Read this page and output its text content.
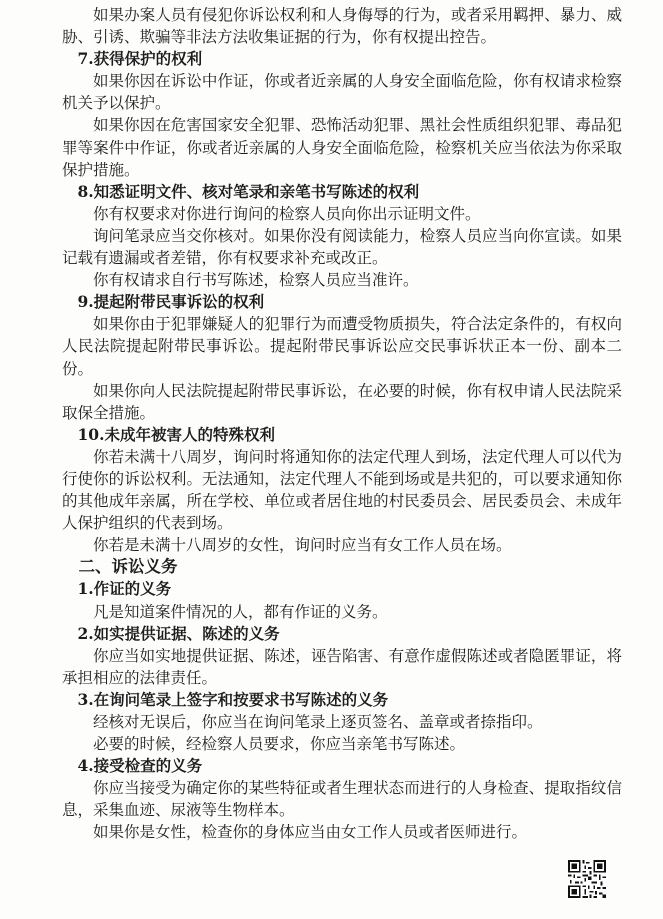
如果办案人员有侵犯你诉讼权利和人身侮辱的行为，或者采用羁押、暴力、威胁、引诱、欺骗等非法方法收集证据的行为，你有权提出控告。

7.获得保护的权利

如果你因在诉讼中作证，你或者近亲属的人身安全面临危险，你有权请求检察机关予以保护。

如果你因在危害国家安全犯罪、恐怖活动犯罪、黑社会性质组织犯罪、毒品犯罪等案件中作证，你或者近亲属的人身安全面临危险，检察机关应当依法为你采取保护措施。

8.知悉证明文件、核对笔录和亲笔书写陈述的权利

你有权要求对你进行询问的检察人员向你出示证明文件。

询问笔录应当交你核对。如果你没有阅读能力，检察人员应当向你宣读。如果记载有遗漏或者差错，你有权要求补充或改正。

你有权请求自行书写陈述，检察人员应当准许。

9.提起附带民事诉讼的权利

如果你由于犯罪嫌疑人的犯罪行为而遭受物质损失，符合法定条件的，有权向人民法院提起附带民事诉讼。提起附带民事诉讼应交民事诉状正本一份、副本二份。

如果你向人民法院提起附带民事诉讼，在必要的时候，你有权申请人民法院采取保全措施。

10.未成年被害人的特殊权利

你若未满十八周岁，询问时将通知你的法定代理人到场，法定代理人可以代为行使你的诉讼权利。无法通知，法定代理人不能到场或是共犯的，可以要求通知你的其他成年亲属，所在学校、单位或者居住地的村民委员会、居民委员会、未成年人保护组织的代表到场。

你若是未满十八周岁的女性，询问时应当有女工作人员在场。

二、诉讼义务

1.作证的义务

凡是知道案件情况的人，都有作证的义务。

2.如实提供证据、陈述的义务

你应当如实地提供证据、陈述，诬告陷害、有意作虚假陈述或者隐匿罪证，将承担相应的法律责任。

3.在询问笔录上签字和按要求书写陈述的义务

经核对无误后，你应当在询问笔录上逐页签名、盖章或者捺指印。

必要的时候，经检察人员要求，你应当亲笔书写陈述。

4.接受检查的义务

你应当接受为确定你的某些特征或者生理状态而进行的人身检查、提取指纹信息，采集血迹、尿液等生物样本。

如果你是女性，检查你的身体应当由女工作人员或者医师进行。
